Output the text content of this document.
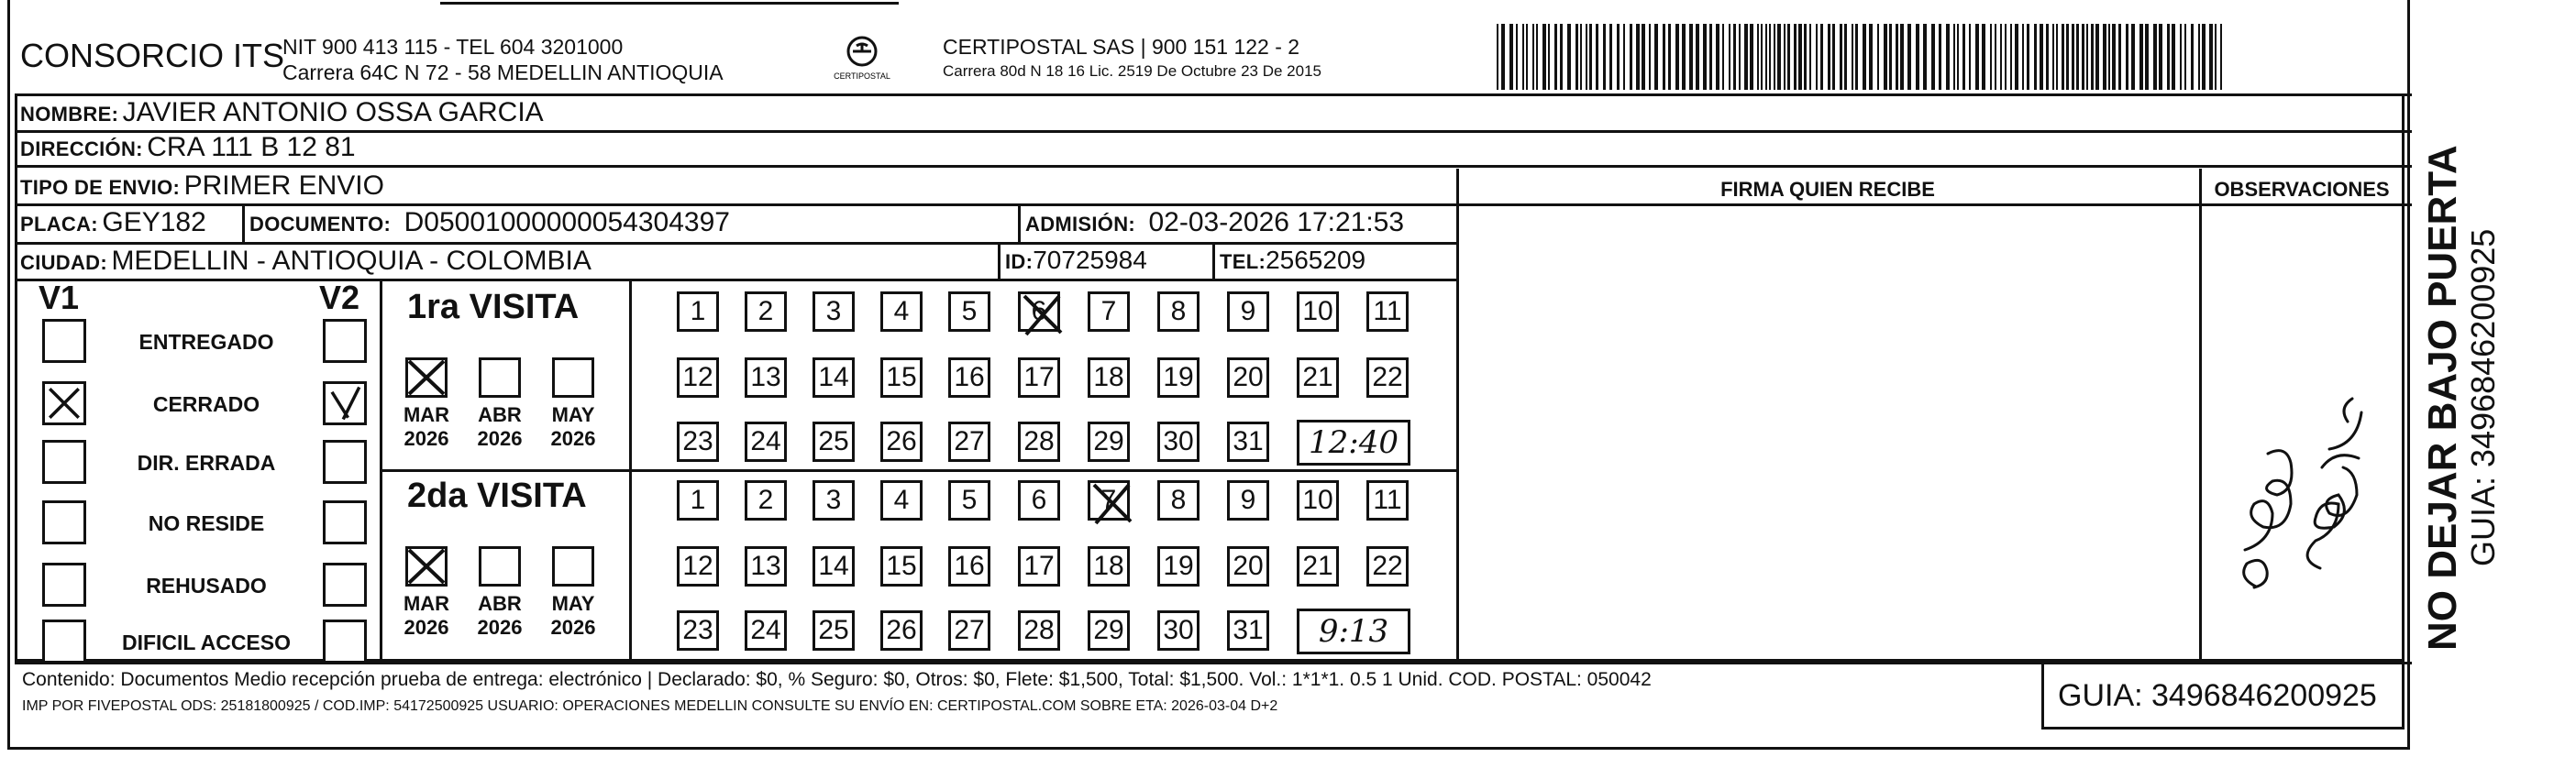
CONSORCIO ITS
NIT 900 413 115 - TEL 604 3201000
Carrera 64C N 72 - 58 MEDELLIN ANTIOQUIA	CERTIPOSTAL
CERTIPOSTAL SAS | 900 151 122 - 2
Carrera 80d N 18 16 Lic. 2519 De Octubre 23 De 2015
NOMBRE: JAVIER ANTONIO OSSA GARCIA
DIRECCIÓN: CRA 111 B 12 81
TIPO DE ENVIO: PRIMER ENVIO	FIRMA QUIEN RECIBE	OBSERVACIONES
PLACA: GEY182 DOCUMENTO: D05001000000054304397	ADMISIÓN: 02-03-2026 17:21:53
CIUDAD: MEDELLIN - ANTIOQUIA - COLOMBIA	ID:70725984	TEL:2565209
V1	V2
ENTREGADO
CERRADO
DIR. ERRADA
NO RESIDE
REHUSADO
DIFICIL ACCESO
1ra VISITA
MAR
2026
ABR
2026
MAY
2026
1	2	3	4	5	6	7	8	9	10 11
12 13 14 15 16 17 18 19 20 21 22
23 24 25 26 27 28 29 30 31	12:40
2da VISITA
MAR
2026
ABR
2026
MAY
2026
1	2	3	4	5	6	7	8	9	10 11
12 13 14 15 16 17 18 19 20 21 22
23 24 25 26 27 28 29 30 31	9:13	NO DEJAR BAJO PUERTA GUIA: 3496846200925
Contenido: Documentos Medio recepción prueba de entrega: electrónico | Declarado: $0, % Seguro: $0, Otros: $0, Flete: $1,500, Total: $1,500. Vol.: 1*1*1. 0.5 1 Unid. COD. POSTAL: 050042
IMP POR FIVEPOSTAL ODS: 25181800925 / COD.IMP: 54172500925 USUARIO: OPERACIONES MEDELLIN CONSULTE SU ENVÍO EN: CERTIPOSTAL.COM SOBRE ETA: 2026-03-04 D+2	GUIA: 3496846200925
